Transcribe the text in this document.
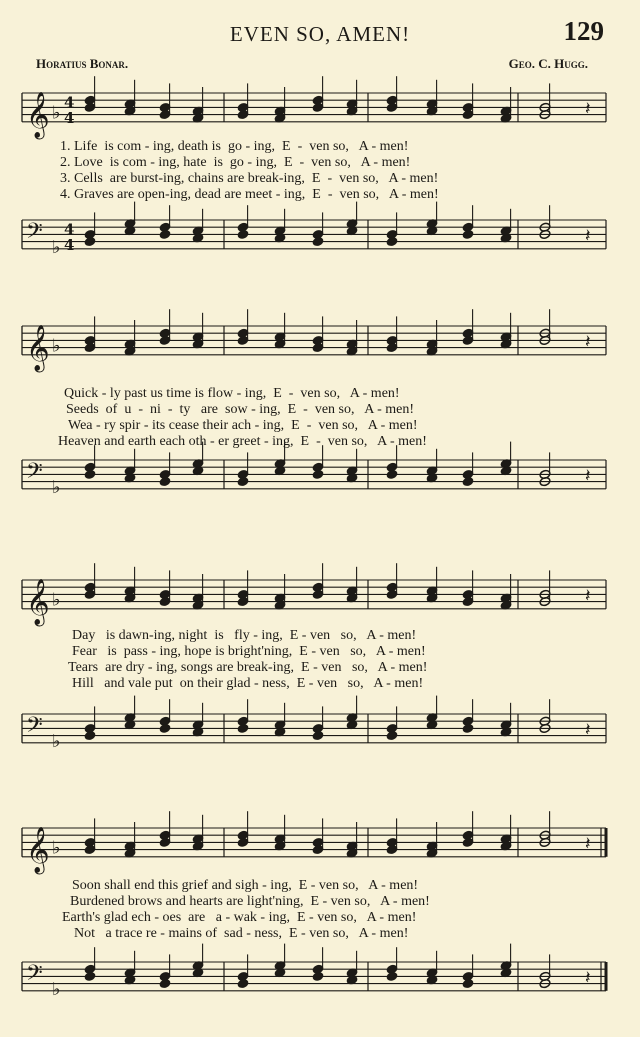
EVEN SO, AMEN!	129
Horatius Bonar.	Geo. C. Hugg.
𝄞 ♭
4
4	𝄽
𝄢 ♭
4
4	𝄽
1. Life  is com - ing, death is  go - ing,  E  -  ven so,   A - men!
2. Love  is com - ing, hate  is  go - ing,  E  -  ven so,   A - men!
3. Cells  are burst-ing, chains are break-ing,  E  -  ven so,   A - men!
4. Graves are open-ing, dead are meet - ing,  E  -  ven so,   A - men!
𝄞 ♭	𝄽
𝄢 ♭
𝄽
Quick - ly past us time is flow - ing,  E  -  ven so,   A - men!
Seeds  of  u  -  ni  -  ty   are  sow - ing,  E  -  ven so,   A - men!
Wea - ry spir - its cease their ach - ing,  E  -  ven so,   A - men!
Heaven and earth each oth - er greet - ing,  E  -  ven so,   A - men!
𝄞 ♭	𝄽
𝄢 ♭
𝄽
Day   is dawn-ing, night  is   fly - ing,  E - ven   so,   A - men!
Fear   is  pass - ing, hope is bright'ning,  E - ven   so,   A - men!
Tears  are dry - ing, songs are break-ing,  E - ven   so,   A - men!
Hill   and vale put  on their glad - ness,  E - ven   so,   A - men!
𝄞 ♭	𝄽
𝄢 ♭
𝄽
Soon shall end this grief and sigh - ing,  E - ven so,   A - men!
Burdened brows and hearts are light'ning,  E - ven so,   A - men!
Earth's glad ech - oes  are   a - wak - ing,  E - ven so,   A - men!
Not   a trace re - mains of  sad - ness,  E - ven so,   A - men!
